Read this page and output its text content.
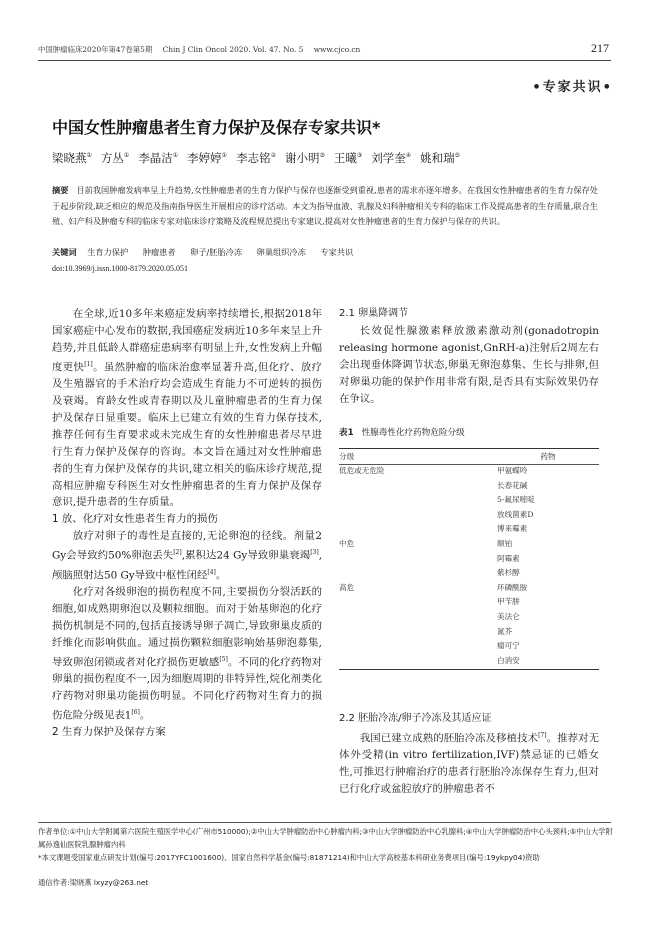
中国肿瘤临床2020年第47卷第5期 Chin J Clin Oncol 2020. Vol. 47. No. 5 www.cjco.cn	217
•专家共识•
中国女性肿瘤患者生育力保护及保存专家共识*
梁晓燕① 方丛① 李晶洁① 李婷婷① 李志铭② 谢小明③ 王曦③ 刘学奎④ 姚和瑞⑤
摘要 目前我国肿瘤发病率呈上升趋势,女性肿瘤患者的生育力保护与保存也逐渐受到重视,患者的需求亦逐年增多。在我国女性肿瘤患者的生育力保存处于起步阶段,缺乏相应的规范及指南指导医生开展相应的诊疗活动。本文为指导血液、乳腺及妇科肿瘤相关专科的临床工作及提高患者的生存质量,联合生殖、妇产科及肿瘤专科的临床专家对临床诊疗策略及流程规范提出专家建议,提高对女性肿瘤患者的生育力保护与保存的共识。
关键词 生育力保护 肿瘤患者 卵子/胚胎冷冻 卵巢组织冷冻 专家共识
doi:10.3969/j.issn.1000-8179.2020.05.051

在全球,近10多年来癌症发病率持续增长,根据2018年国家癌症中心发布的数据,我国癌症发病近10多年来呈上升趋势,并且低龄人群癌症患病率有明显上升,女性发病上升幅度更快[1]。虽然肿瘤的临床治愈率显著升高,但化疗、放疗及生殖器官的手术治疗均会造成生育能力不可逆转的损伤及衰竭。育龄女性或青春期以及儿童肿瘤患者的生育力保护及保存日显重要。临床上已建立有效的生育力保存技术,推荐任何有生育要求或未完成生育的女性肿瘤患者尽早进行生育力保护及保存的咨询。本文旨在通过对女性肿瘤患者的生育力保护及保存的共识,建立相关的临床诊疗规范,提高相应肿瘤专科医生对女性肿瘤患者的生育力保护及保存意识,提升患者的生存质量。

1 放、化疗对女性患者生育力的损伤

放疗对卵子的毒性是直接的,无论卵泡的径线。剂量2 Gy会导致约50%卵泡丢失[2],累积达24 Gy导致卵巢衰竭[3],颅脑照射达50 Gy导致中枢性闭经[4]。

化疗对各级卵泡的损伤程度不同,主要损伤分裂活跃的细胞,如成熟期卵泡以及颗粒细胞。而对于始基卵泡的化疗损伤机制是不同的,包括直接诱导卵子凋亡,导致卵巢皮质的纤维化而影响供血。通过损伤颗粒细胞影响始基卵泡募集,导致卵泡闭锁或者对化疗损伤更敏感[5]。不同的化疗药物对卵巢的损伤程度不一,因为细胞周期的非特异性,烷化剂类化疗药物对卵巢功能损伤明显。不同化疗药物对生育力的损伤危险分级见表1[6]。

2 生育力保护及保存方案
2.1 卵巢降调节

长效促性腺激素释放激素激动剂(gonadotropin releasing hormone agonist,GnRH-a)注射后2周左右会出现垂体降调节状态,卵巢无卵泡募集、生长与排卵,但对卵巢功能的保护作用非常有限,是否具有实际效果仍存在争议。

表1 性腺毒性化疗药物危险分级
分级	药物
低危或无危险	甲氨蝶呤
	长春花碱
	5-氟尿嘧啶
	放线菌素D
	博来霉素
中危	顺铂
	阿霉素
	紫杉醇
高危	环磷酰胺
	甲苄肼
	美法仑
	氮芥
	瘤可宁
	白消安
2.2 胚胎冷冻/卵子冷冻及其适应证

我国已建立成熟的胚胎冷冻及移植技术[7]。推荐对无体外受精(in vitro fertilization,IVF)禁忌证的已婚女性,可推迟行肿瘤治疗的患者行胚胎冷冻保存生育力,但对已行化疗或盆腔放疗的肿瘤患者不

作者单位:①中山大学附属第六医院生殖医学中心(广州市510000);②中山大学肿瘤防治中心肿瘤内科;③中山大学肿瘤防治中心乳腺科;④中山大学肿瘤防治中心头颈科;⑤中山大学附属孙逸仙医院乳腺肿瘤内科
*本文课题受国家重点研发计划(编号:2017YFC1001600)、国家自然科学基金(编号:81871214)和中山大学高校基本科研业务费项目(编号:19ykpy04)资助
通信作者:梁晓燕 lxyzy@263.net
